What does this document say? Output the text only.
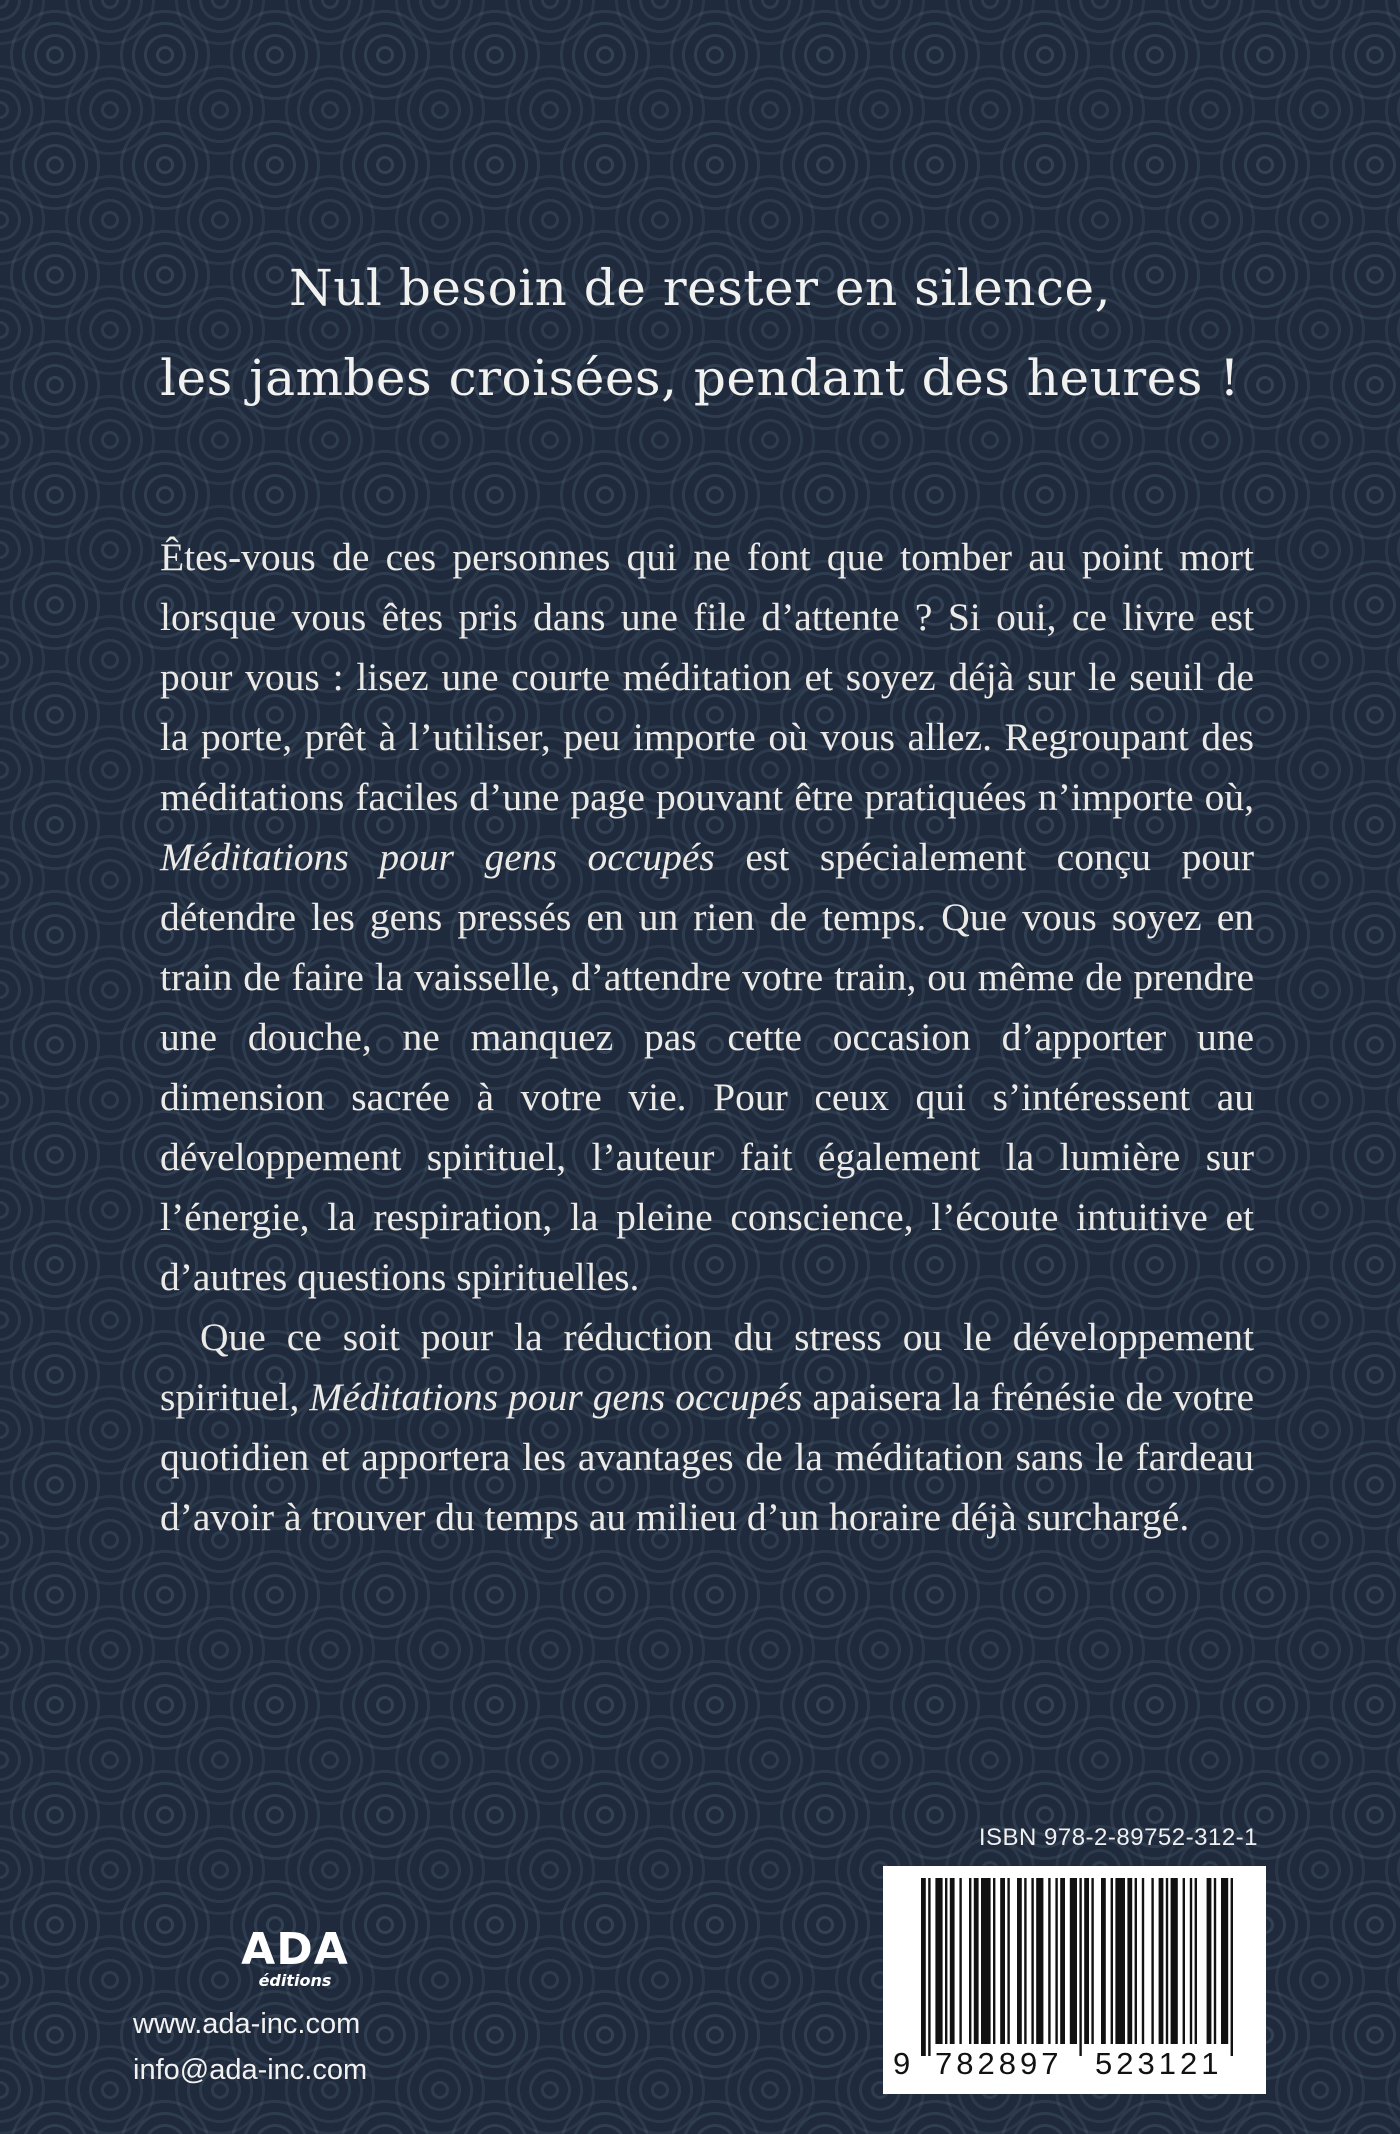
Nul besoin de rester en silence,
les jambes croisées, pendant des heures !

Êtes-vous de ces personnes qui ne font que tomber au point mort lorsque vous êtes pris dans une file d’attente ? Si oui, ce livre est pour vous : lisez une courte méditation et soyez déjà sur le seuil de la porte, prêt à l’utiliser, peu importe où vous allez. Regroupant des méditations faciles d’une page pouvant être pratiquées n’importe où, Méditations pour gens occupés est spécialement conçu pour détendre les gens pressés en un rien de temps. Que vous soyez en train de faire la vaisselle, d’attendre votre train, ou même de prendre une douche, ne manquez pas cette occasion d’apporter une dimension sacrée à votre vie. Pour ceux qui s’intéressent au développement spirituel, l’auteur fait également la lumière sur l’énergie, la respiration, la pleine conscience, l’écoute intuitive et d’autres questions spirituelles.

Que ce soit pour la réduction du stress ou le développement spirituel, Méditations pour gens occupés apaisera la frénésie de votre quotidien et apportera les avantages de la méditation sans le fardeau d’avoir à trouver du temps au milieu d’un horaire déjà surchargé.

ADA
éditions
www.ada-inc.com
info@ada-inc.com
ISBN 978-2-89752-312-1
9 782897 523121
